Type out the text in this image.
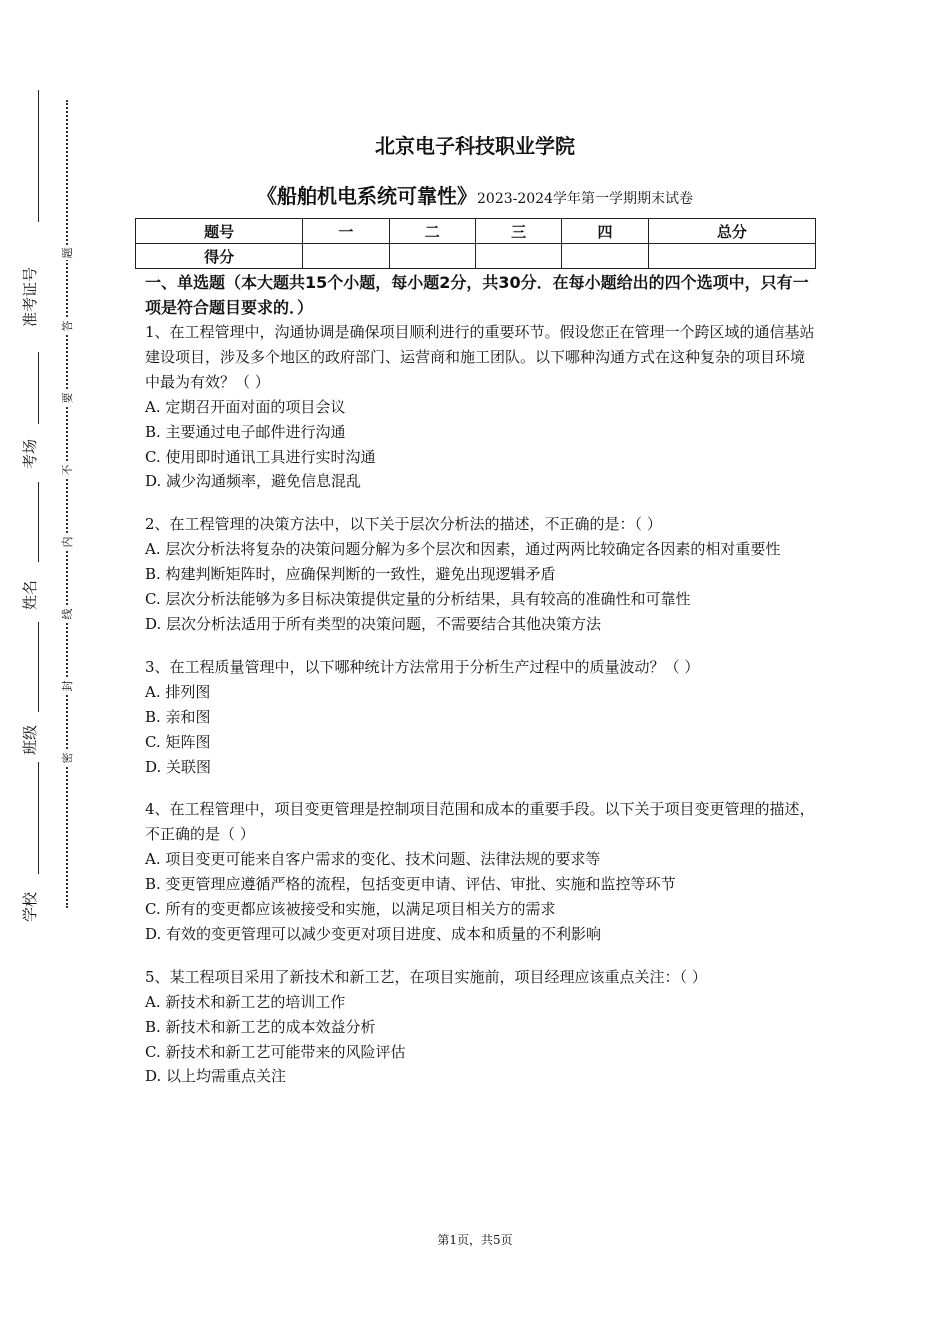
准考证号
考场
姓名
班级
学校
题
答
要
不
内
线
封
密
北京电子科技职业学院
《船舶机电系统可靠性》2023-2024学年第一学期期末试卷
题号	一	二	三	四	总分
得分					
一、单选题（本大题共15个小题，每小题2分，共30分．在每小题给出的四个选项中，只有一项是符合题目要求的．）
1、在工程管理中，沟通协调是确保项目顺利进行的重要环节。假设您正在管理一个跨区域的通信基站建设项目，涉及多个地区的政府部门、运营商和施工团队。以下哪种沟通方式在这种复杂的项目环境中最为有效？（ ）
A. 定期召开面对面的项目会议
B. 主要通过电子邮件进行沟通
C. 使用即时通讯工具进行实时沟通
D. 减少沟通频率，避免信息混乱
2、在工程管理的决策方法中，以下关于层次分析法的描述，不正确的是：（ ）
A. 层次分析法将复杂的决策问题分解为多个层次和因素，通过两两比较确定各因素的相对重要性
B. 构建判断矩阵时，应确保判断的一致性，避免出现逻辑矛盾
C. 层次分析法能够为多目标决策提供定量的分析结果，具有较高的准确性和可靠性
D. 层次分析法适用于所有类型的决策问题，不需要结合其他决策方法
3、在工程质量管理中，以下哪种统计方法常用于分析生产过程中的质量波动？（ ）
A. 排列图
B. 亲和图
C. 矩阵图
D. 关联图
4、在工程管理中，项目变更管理是控制项目范围和成本的重要手段。以下关于项目变更管理的描述，不正确的是（ ）
A. 项目变更可能来自客户需求的变化、技术问题、法律法规的要求等
B. 变更管理应遵循严格的流程，包括变更申请、评估、审批、实施和监控等环节
C. 所有的变更都应该被接受和实施，以满足项目相关方的需求
D. 有效的变更管理可以减少变更对项目进度、成本和质量的不利影响
5、某工程项目采用了新技术和新工艺，在项目实施前，项目经理应该重点关注：（ ）
A. 新技术和新工艺的培训工作
B. 新技术和新工艺的成本效益分析
C. 新技术和新工艺可能带来的风险评估
D. 以上均需重点关注
第1页，共5页
